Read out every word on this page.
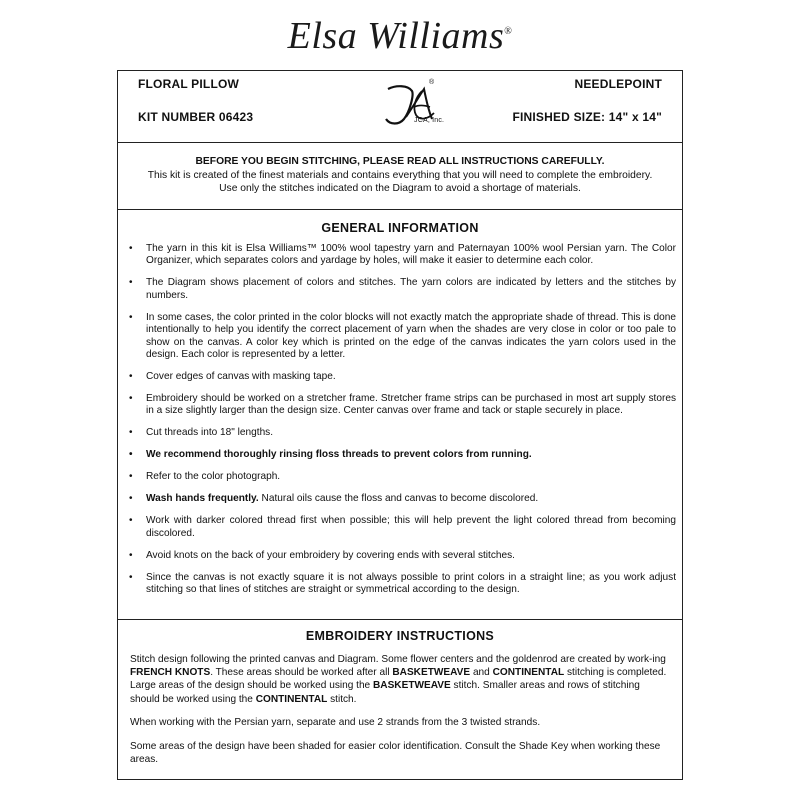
Elsa Williams®
FLORAL PILLOW
KIT NUMBER 06423
NEEDLEPOINT
FINISHED SIZE: 14" x 14"
®
JCA, Inc.
BEFORE YOU BEGIN STITCHING, PLEASE READ ALL INSTRUCTIONS CAREFULLY.
This kit is created of the finest materials and contains everything that you will need to complete the embroidery.
Use only the stitches indicated on the Diagram to avoid a shortage of materials.
GENERAL INFORMATION
• The yarn in this kit is Elsa Williams™ 100% wool tapestry yarn and Paternayan 100% wool Persian yarn. The Color Organizer, which separates colors and yardage by holes, will make it easier to determine each color.
• The Diagram shows placement of colors and stitches. The yarn colors are indicated by letters and the stitches by numbers.
• In some cases, the color printed in the color blocks will not exactly match the appropriate shade of thread. This is done intentionally to help you identify the correct placement of yarn when the shades are very close in color or too pale to show on the canvas. A color key which is printed on the edge of the canvas indicates the yarn colors used in the design. Each color is represented by a letter.
• Cover edges of canvas with masking tape.
• Embroidery should be worked on a stretcher frame. Stretcher frame strips can be purchased in most art supply stores in a size slightly larger than the design size. Center canvas over frame and tack or staple securely in place.
• Cut threads into 18" lengths.
• We recommend thoroughly rinsing floss threads to prevent colors from running.
• Refer to the color photograph.
• Wash hands frequently. Natural oils cause the floss and canvas to become discolored.
• Work with darker colored thread first when possible; this will help prevent the light colored thread from becoming discolored.
• Avoid knots on the back of your embroidery by covering ends with several stitches.
• Since the canvas is not exactly square it is not always possible to print colors in a straight line; as you work adjust stitching so that lines of stitches are straight or symmetrical according to the design.
EMBROIDERY INSTRUCTIONS

Stitch design following the printed canvas and Diagram. Some flower centers and the goldenrod are created by work-ing FRENCH KNOTS. These areas should be worked after all BASKETWEAVE and CONTINENTAL stitching is completed. Large areas of the design should be worked using the BASKETWEAVE stitch. Smaller areas and rows of stitching should be worked using the CONTINENTAL stitch.

When working with the Persian yarn, separate and use 2 strands from the 3 twisted strands.

Some areas of the design have been shaded for easier color identification. Consult the Shade Key when working these areas.
